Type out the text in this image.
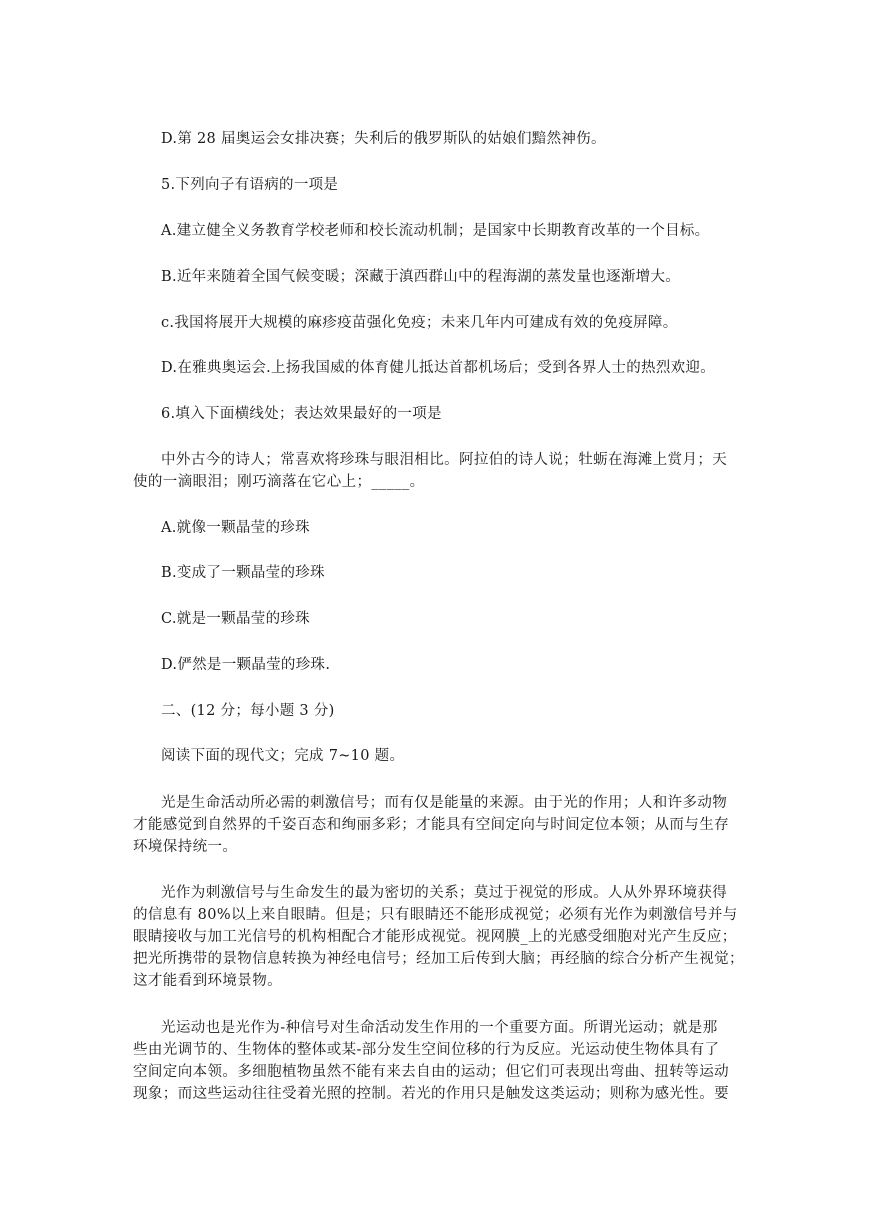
D.第 28 届奥运会女排决赛；失利后的俄罗斯队的姑娘们黯然神伤。
5.下列向子有语病的一项是
A.建立健全义务教育学校老师和校长流动机制；是国家中长期教育改革的一个目标。
B.近年来随着全国气候变暖；深藏于滇西群山中的程海湖的蒸发量也逐渐增大。
c.我国将展开大规模的麻疹疫苗强化免疫；未来几年内可建成有效的免疫屏障。
D.在雅典奥运会.上扬我国威的体育健儿抵达首都机场后；受到各界人士的热烈欢迎。
6.填入下面横线处；表达效果最好的一项是
中外古今的诗人；常喜欢将珍珠与眼泪相比。阿拉伯的诗人说；牡蛎在海滩上赏月；天
使的一滴眼泪；刚巧滴落在它心上；_____。
A.就像一颗晶莹的珍珠
B.变成了一颗晶莹的珍珠
C.就是一颗晶莹的珍珠
D.俨然是一颗晶莹的珍珠.
二、(12 分；每小题 3 分)
阅读下面的现代文；完成 7~10 题。
光是生命活动所必需的刺激信号；而有仅是能量的来源。由于光的作用；人和许多动物
才能感觉到自然界的千姿百态和绚丽多彩；才能具有空间定向与时间定位本领；从而与生存
环境保持统一。
光作为刺激信号与生命发生的最为密切的关系；莫过于视觉的形成。人从外界环境获得
的信息有 80%以上来自眼睛。但是；只有眼睛还不能形成视觉；必须有光作为刺激信号并与
眼睛接收与加工光信号的机构相配合才能形成视觉。视网膜_上的光感受细胞对光产生反应；
把光所携带的景物信息转换为神经电信号；经加工后传到大脑；再经脑的综合分析产生视觉；
这才能看到环境景物。
光运动也是光作为-种信号对生命活动发生作用的一个重要方面。所谓光运动；就是那
些由光调节的、生物体的整体或某-部分发生空间位移的行为反应。光运动使生物体具有了
空间定向本领。多细胞植物虽然不能有来去自由的运动；但它们可表现出弯曲、扭转等运动
现象；而这些运动往往受着光照的控制。若光的作用只是触发这类运动；则称为感光性。要
